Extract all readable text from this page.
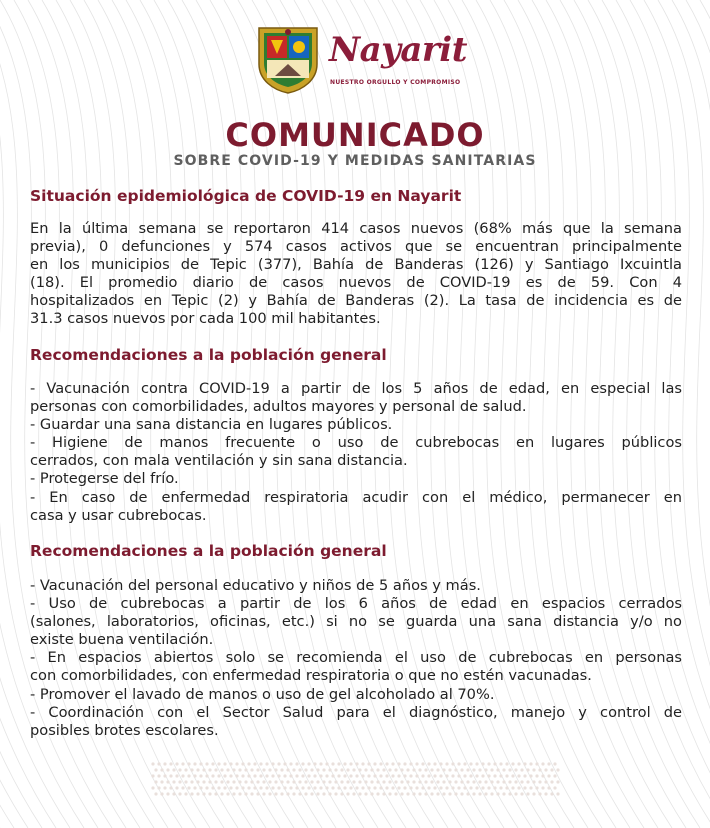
Nayarit
NUESTRO ORGULLO Y COMPROMISO
COMUNICADO
SOBRE COVID-19 Y MEDIDAS SANITARIAS
Situación epidemiológica de COVID-19 en Nayarit
En la última semana se reportaron 414 casos nuevos (68% más que la semana
previa), 0 defunciones y 574 casos activos que se encuentran principalmente
en los municipios de Tepic (377), Bahía de Banderas (126) y Santiago Ixcuintla
(18). El promedio diario de casos nuevos de COVID-19 es de 59. Con 4
hospitalizados en Tepic (2) y Bahía de Banderas (2). La tasa de incidencia es de
31.3 casos nuevos por cada 100 mil habitantes.
Recomendaciones a la población general
- Vacunación contra COVID-19 a partir de los 5 años de edad, en especial las
personas con comorbilidades, adultos mayores y personal de salud.
- Guardar una sana distancia en lugares públicos.
- Higiene de manos frecuente o uso de cubrebocas en lugares públicos
cerrados, con mala ventilación y sin sana distancia.
- Protegerse del frío.
- En caso de enfermedad respiratoria acudir con el médico, permanecer en
casa y usar cubrebocas.
Recomendaciones a la población general
- Vacunación del personal educativo y niños de 5 años y más.
- Uso de cubrebocas a partir de los 6 años de edad en espacios cerrados
(salones, laboratorios, oficinas, etc.) si no se guarda una sana distancia y/o no
existe buena ventilación.
- En espacios abiertos solo se recomienda el uso de cubrebocas en personas
con comorbilidades, con enfermedad respiratoria o que no estén vacunadas.
- Promover el lavado de manos o uso de gel alcoholado al 70%.
- Coordinación con el Sector Salud para el diagnóstico, manejo y control de
posibles brotes escolares.
